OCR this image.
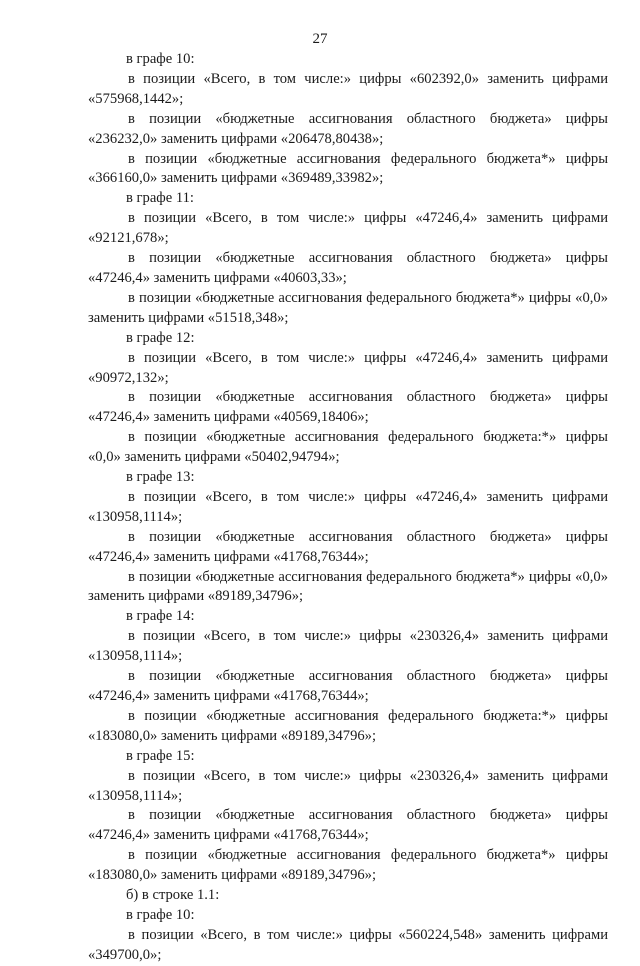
27

в графе 10:

в позиции «Всего, в том числе:» цифры «602392,0» заменить цифрами «575968,1442»;

в позиции «бюджетные ассигнования областного бюджета» цифры «236232,0» заменить цифрами «206478,80438»;

в позиции «бюджетные ассигнования федерального бюджета*» цифры «366160,0» заменить цифрами «369489,33982»;

в графе 11:

в позиции «Всего, в том числе:» цифры «47246,4» заменить цифрами «92121,678»;

в позиции «бюджетные ассигнования областного бюджета» цифры «47246,4» заменить цифрами «40603,33»;

в позиции «бюджетные ассигнования федерального бюджета*» цифры «0,0» заменить цифрами «51518,348»;

в графе 12:

в позиции «Всего, в том числе:» цифры «47246,4» заменить цифрами «90972,132»;

в позиции «бюджетные ассигнования областного бюджета» цифры «47246,4» заменить цифрами «40569,18406»;

в позиции «бюджетные ассигнования федерального бюджета:*» цифры «0,0» заменить цифрами «50402,94794»;

в графе 13:

в позиции «Всего, в том числе:» цифры «47246,4» заменить цифрами «130958,1114»;

в позиции «бюджетные ассигнования областного бюджета» цифры «47246,4» заменить цифрами «41768,76344»;

в позиции «бюджетные ассигнования федерального бюджета*» цифры «0,0» заменить цифрами «89189,34796»;

в графе 14:

в позиции «Всего, в том числе:» цифры «230326,4» заменить цифрами «130958,1114»;

в позиции «бюджетные ассигнования областного бюджета» цифры «47246,4» заменить цифрами «41768,76344»;

в позиции «бюджетные ассигнования федерального бюджета:*» цифры «183080,0» заменить цифрами «89189,34796»;

в графе 15:

в позиции «Всего, в том числе:» цифры «230326,4» заменить цифрами «130958,1114»;

в позиции «бюджетные ассигнования областного бюджета» цифры «47246,4» заменить цифрами «41768,76344»;

в позиции «бюджетные ассигнования федерального бюджета*» цифры «183080,0» заменить цифрами «89189,34796»;

б) в строке 1.1:

в графе 10:

в позиции «Всего, в том числе:» цифры «560224,548» заменить цифрами «349700,0»;
